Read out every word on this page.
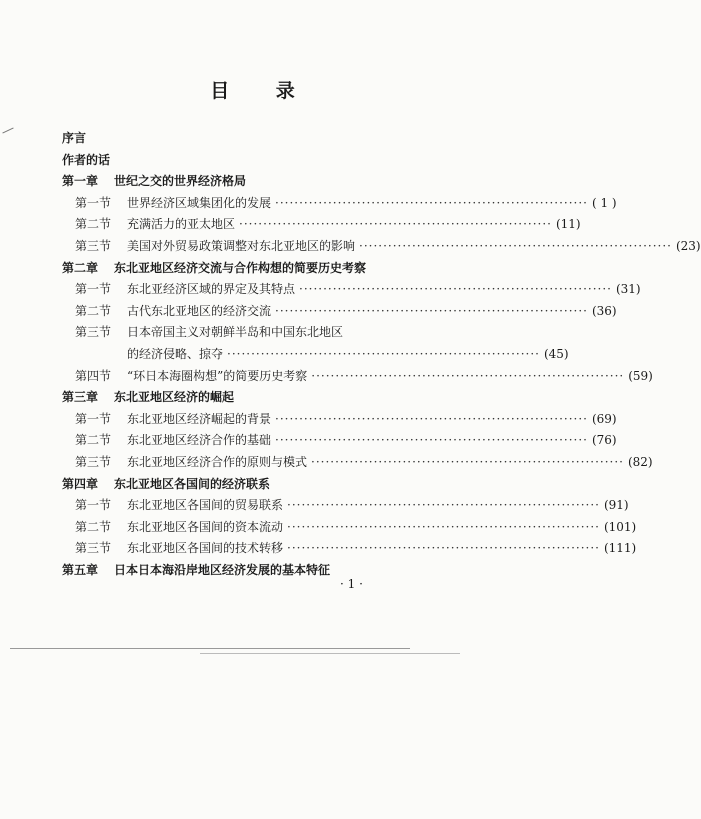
目 录
序言
作者的话
第一章 世纪之交的世界经济格局
第一节	世界经济区域集团化的发展 ································································· ( 1 )
第二节	充满活力的亚太地区 ································································· (11)
第三节	美国对外贸易政策调整对东北亚地区的影响 ································································· (23)
第二章 东北亚地区经济交流与合作构想的简要历史考察
第一节	东北亚经济区域的界定及其特点 ································································· (31)
第二节	古代东北亚地区的经济交流 ································································· (36)
第三节	日本帝国主义对朝鲜半岛和中国东北地区
的经济侵略、掠夺 ································································· (45)
第四节	“环日本海圈构想”的简要历史考察 ································································· (59)
第三章 东北亚地区经济的崛起
第一节	东北亚地区经济崛起的背景 ································································· (69)
第二节	东北亚地区经济合作的基础 ································································· (76)
第三节	东北亚地区经济合作的原则与模式 ································································· (82)
第四章 东北亚地区各国间的经济联系
第一节	东北亚地区各国间的贸易联系 ································································· (91)
第二节	东北亚地区各国间的资本流动 ································································· (101)
第三节	东北亚地区各国间的技术转移 ································································· (111)
第五章 日本日本海沿岸地区经济发展的基本特征
· 1 ·
